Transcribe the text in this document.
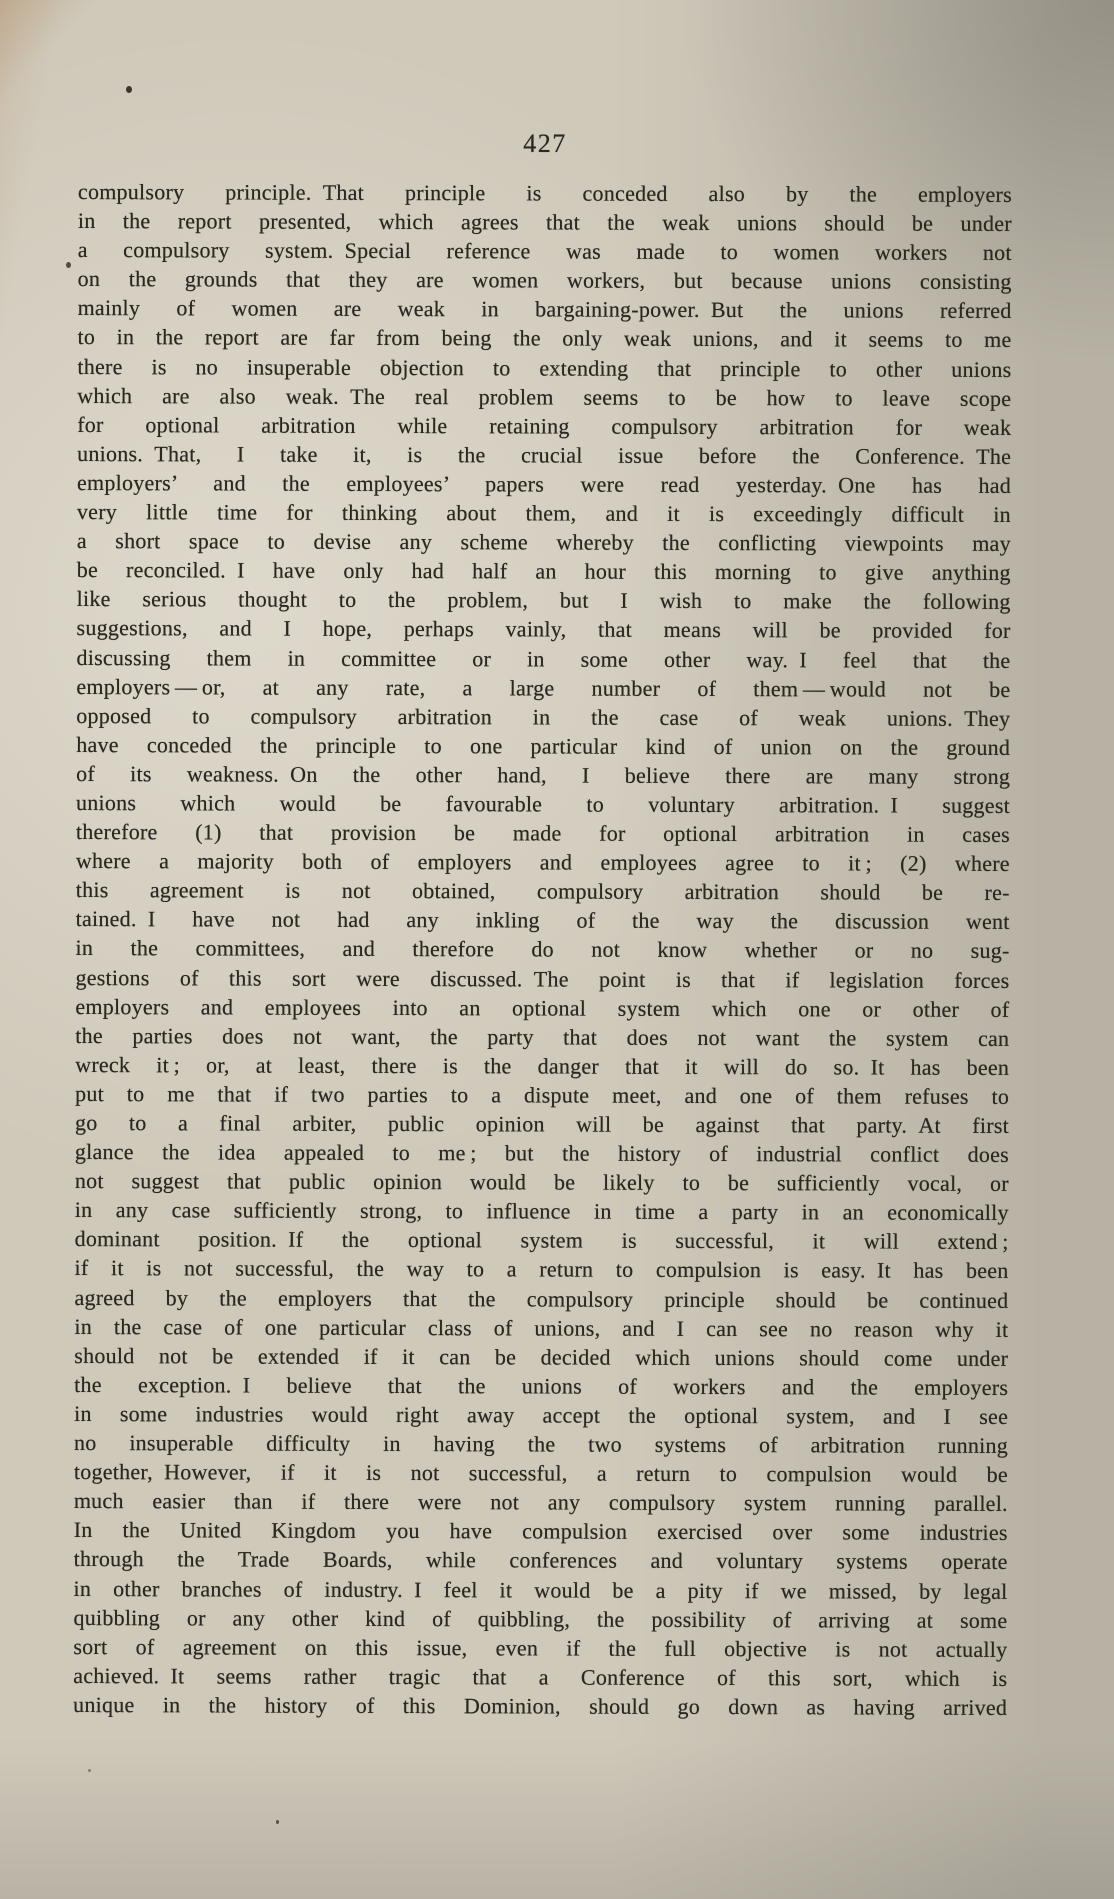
427
compulsory principle. That principle is conceded also by the employers
in the report presented, which agrees that the weak unions should be under
a compulsory system. Special reference was made to women workers not
on the grounds that they are women workers, but because unions consisting
mainly of women are weak in bargaining-power. But the unions referred
to in the report are far from being the only weak unions, and it seems to me
there is no insuperable objection to extending that principle to other unions
which are also weak. The real problem seems to be how to leave scope
for optional arbitration while retaining compulsory arbitration for weak
unions. That, I take it, is the crucial issue before the Conference. The
employers’ and the employees’ papers were read yesterday. One has had
very little time for thinking about them, and it is exceedingly difficult in
a short space to devise any scheme whereby the conflicting viewpoints may
be reconciled. I have only had half an hour this morning to give anything
like serious thought to the problem, but I wish to make the following
suggestions, and I hope, perhaps vainly, that means will be provided for
discussing them in committee or in some other way. I feel that the
employers — or, at any rate, a large number of them — would not be
opposed to compulsory arbitration in the case of weak unions. They
have conceded the principle to one particular kind of union on the ground
of its weakness. On the other hand, I believe there are many strong
unions which would be favourable to voluntary arbitration. I suggest
therefore (1) that provision be made for optional arbitration in cases
where a majority both of employers and employees agree to it ; (2) where
this agreement is not obtained, compulsory arbitration should be re-
tained. I have not had any inkling of the way the discussion went
in the committees, and therefore do not know whether or no sug-
gestions of this sort were discussed. The point is that if legislation forces
employers and employees into an optional system which one or other of
the parties does not want, the party that does not want the system can
wreck it ; or, at least, there is the danger that it will do so. It has been
put to me that if two parties to a dispute meet, and one of them refuses to
go to a final arbiter, public opinion will be against that party. At first
glance the idea appealed to me ; but the history of industrial conflict does
not suggest that public opinion would be likely to be sufficiently vocal, or
in any case sufficiently strong, to influence in time a party in an economically
dominant position. If the optional system is successful, it will extend ;
if it is not successful, the way to a return to compulsion is easy. It has been
agreed by the employers that the compulsory principle should be continued
in the case of one particular class of unions, and I can see no reason why it
should not be extended if it can be decided which unions should come under
the exception. I believe that the unions of workers and the employers
in some industries would right away accept the optional system, and I see
no insuperable difficulty in having the two systems of arbitration running
together, However, if it is not successful, a return to compulsion would be
much easier than if there were not any compulsory system running parallel.
In the United Kingdom you have compulsion exercised over some industries
through the Trade Boards, while conferences and voluntary systems operate
in other branches of industry. I feel it would be a pity if we missed, by legal
quibbling or any other kind of quibbling, the possibility of arriving at some
sort of agreement on this issue, even if the full objective is not actually
achieved. It seems rather tragic that a Conference of this sort, which is
unique in the history of this Dominion, should go down as having arrived
